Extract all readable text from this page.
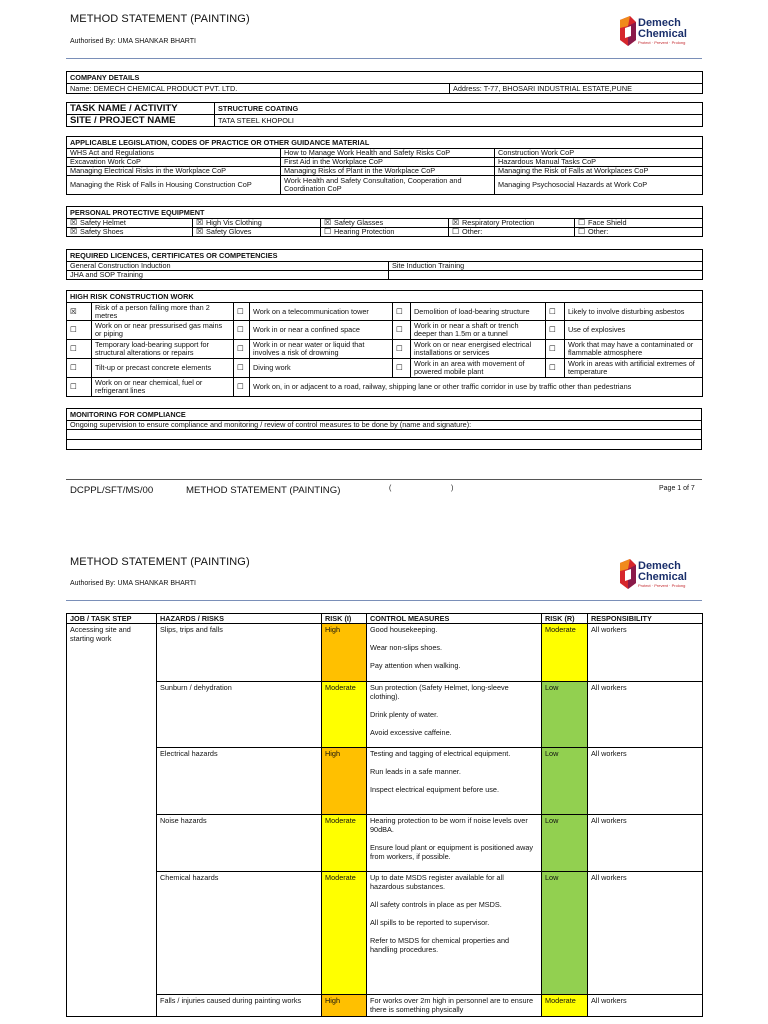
METHOD STATEMENT (PAINTING)
Authorised By: UMA SHANKAR BHARTI
Demech
Chemical
Protect · Prevent · Prolong
COMPANY DETAILS
Name: DEMECH CHEMICAL PRODUCT PVT. LTD.	Address: T-77, BHOSARI INDUSTRIAL ESTATE,PUNE
TASK NAME / ACTIVITY	STRUCTURE COATING
SITE / PROJECT NAME	TATA STEEL KHOPOLI
APPLICABLE LEGISLATION, CODES OF PRACTICE OR OTHER GUIDANCE MATERIAL		
WHS Act and Regulations	How to Manage Work Health and Safety Risks CoP	Construction Work CoP
Excavation Work CoP	First Aid in the Workplace CoP	Hazardous Manual Tasks CoP
Managing Electrical Risks in the Workplace CoP	Managing Risks of Plant in the Workplace CoP	Managing the Risk of Falls at Workplaces CoP
Managing the Risk of Falls in Housing Construction CoP	Work Health and Safety Consultation, Cooperation and Coordination CoP	Managing Psychosocial Hazards at Work CoP
PERSONAL PROTECTIVE EQUIPMENT				
☒ Safety Helmet	☒ High Vis Clothing	☒ Safety Glasses	☒ Respiratory Protection	☐ Face Shield
☒ Safety Shoes	☒ Safety Gloves	☐ Hearing Protection	☐ Other:	☐ Other:
REQUIRED LICENCES, CERTIFICATES OR COMPETENCIES	
General Construction Induction	Site Induction Training
JHA and SOP Training	
HIGH RISK CONSTRUCTION WORK							
☒	Risk of a person falling more than 2 metres	☐	Work on a telecommunication tower	☐	Demolition of load-bearing structure	☐	Likely to involve disturbing asbestos
☐	Work on or near pressurised gas mains or piping	☐	Work in or near a confined space	☐	Work in or near a shaft or trench deeper than 1.5m or a tunnel	☐	Use of explosives
☐	Temporary load-bearing support for structural alterations or repairs	☐	Work in or near water or liquid that involves a risk of drowning	☐	Work on or near energised electrical installations or services	☐	Work that may have a contaminated or flammable atmosphere
☐	Tilt-up or precast concrete elements	☐	Diving work	☐	Work in an area with movement of powered mobile plant	☐	Work in areas with artificial extremes of temperature
☐	Work on or near chemical, fuel or refrigerant lines	☐	Work on, in or adjacent to a road, railway, shipping lane or other traffic corridor in use by traffic other than pedestrians				
MONITORING FOR COMPLIANCE
Ongoing supervision to ensure compliance and monitoring / review of control measures to be done by (name and signature):

DCPPL/SFT/MS/00	METHOD STATEMENT (PAINTING)	(	)	Page 1 of 7
METHOD STATEMENT (PAINTING)
Authorised By: UMA SHANKAR BHARTI
Demech
Chemical
Protect · Prevent · Prolong
JOB / TASK STEP	HAZARDS / RISKS	RISK (I)	CONTROL MEASURES	RISK (R)	RESPONSIBILITY
Accessing site and starting work	Slips, trips and falls	High	Good housekeeping.

Wear non-slips shoes.

Pay attention when walking.	Moderate	All workers
	Sunburn / dehydration	Moderate	Sun protection (Safety Helmet, long-sleeve clothing).

Drink plenty of water.

Avoid excessive caffeine.	Low	All workers
	Electrical hazards	High	Testing and tagging of electrical equipment.

Run leads in a safe manner.

Inspect electrical equipment before use.	Low	All workers
	Noise hazards	Moderate	Hearing protection to be worn if noise levels over 90dBA.

Ensure loud plant or equipment is positioned away from workers, if possible.	Low	All workers
	Chemical hazards	Moderate	Up to date MSDS register available for all hazardous substances.

All safety controls in place as per MSDS.

All spills to be reported to supervisor.

Refer to MSDS for chemical properties and handling procedures.	Low	All workers
	Falls / injuries caused during painting works	High	For works over 2m high in personnel are to ensure there is something physically	Moderate	All workers
